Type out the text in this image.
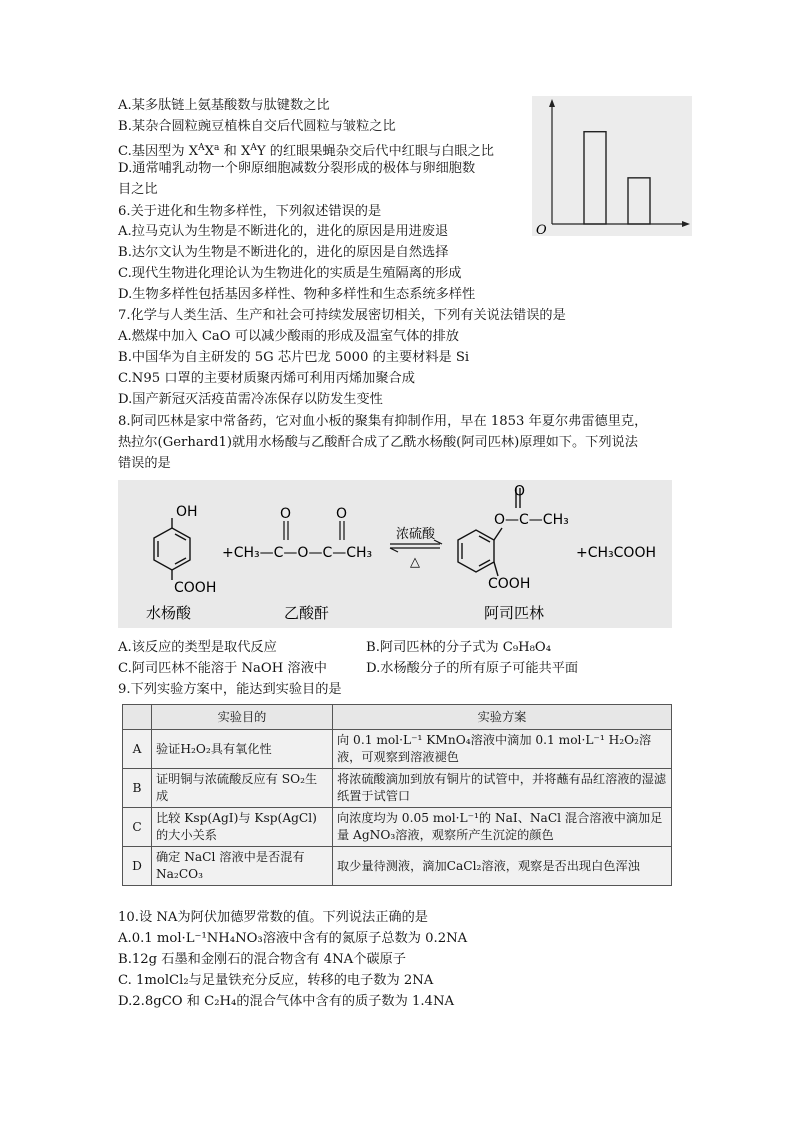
A.某多肽链上氨基酸数与肽键数之比
B.某杂合圆粒豌豆植株自交后代圆粒与皱粒之比
C.基因型为 $X^AX^a$ 和 $X^AY$ 的红眼果蝇杂交后代中红眼与白眼之比
D.通常哺乳动物一个卵原细胞减数分裂形成的极体与卵细胞数
目之比
O
6.关于进化和生物多样性，下列叙述错误的是
A.拉马克认为生物是不断进化的，进化的原因是用进废退
B.达尔文认为生物是不断进化的，进化的原因是自然选择
C.现代生物进化理论认为生物进化的实质是生殖隔离的形成
D.生物多样性包括基因多样性、物种多样性和生态系统多样性
7.化学与人类生活、生产和社会可持续发展密切相关，下列有关说法错误的是
A.燃煤中加入 CaO 可以减少酸雨的形成及温室气体的排放
B.中国华为自主研发的 5G 芯片巴龙 5000 的主要材料是 Si
C.N95 口罩的主要材质聚丙烯可利用丙烯加聚合成
D.国产新冠灭活疫苗需冷冻保存以防发生变性
8.阿司匹林是家中常备药，它对血小板的聚集有抑制作用，早在 1853 年夏尔弗雷德里克，
热拉尔(Gerhard1)就用水杨酸与乙酸酐合成了乙酰水杨酸(阿司匹林)原理如下。下列说法
错误的是
OH
COOH
+CH₃—C—O—C—CH₃
O	O
浓硫酸
△
O
O—C—CH₃
COOH
+CH₃COOH
水杨酸	乙酸酐	阿司匹林
A.该反应的类型是取代反应	B.阿司匹林的分子式为 C₉H₈O₄
C.阿司匹林不能溶于 NaOH 溶液中	D.水杨酸分子的所有原子可能共平面
9.下列实验方案中，能达到实验目的是
	实验目的	实验方案
A	验证H₂O₂具有氧化性	向 0.1 mol·L⁻¹ KMnO₄溶液中滴加 0.1 mol·L⁻¹ H₂O₂溶液，可观察到溶液褪色
B	证明铜与浓硫酸反应有 SO₂生成	将浓硫酸滴加到放有铜片的试管中，并将蘸有品红溶液的湿滤纸置于试管口
C	比较 Ksp(AgI)与 Ksp(AgCl)的大小关系	向浓度均为 0.05 mol·L⁻¹的 NaI、NaCl 混合溶液中滴加足量 AgNO₃溶液，观察所产生沉淀的颜色
D	确定 NaCl 溶液中是否混有Na₂CO₃	取少量待测液，滴加CaCl₂溶液，观察是否出现白色浑浊
10.设 NA为阿伏加德罗常数的值。下列说法正确的是
A.0.1 mol·L⁻¹NH₄NO₃溶液中含有的氮原子总数为 0.2NA
B.12g 石墨和金刚石的混合物含有 4NA个碳原子
C. 1molCl₂与足量铁充分反应，转移的电子数为 2NA
D.2.8gCO 和 C₂H₄的混合气体中含有的质子数为 1.4NA
